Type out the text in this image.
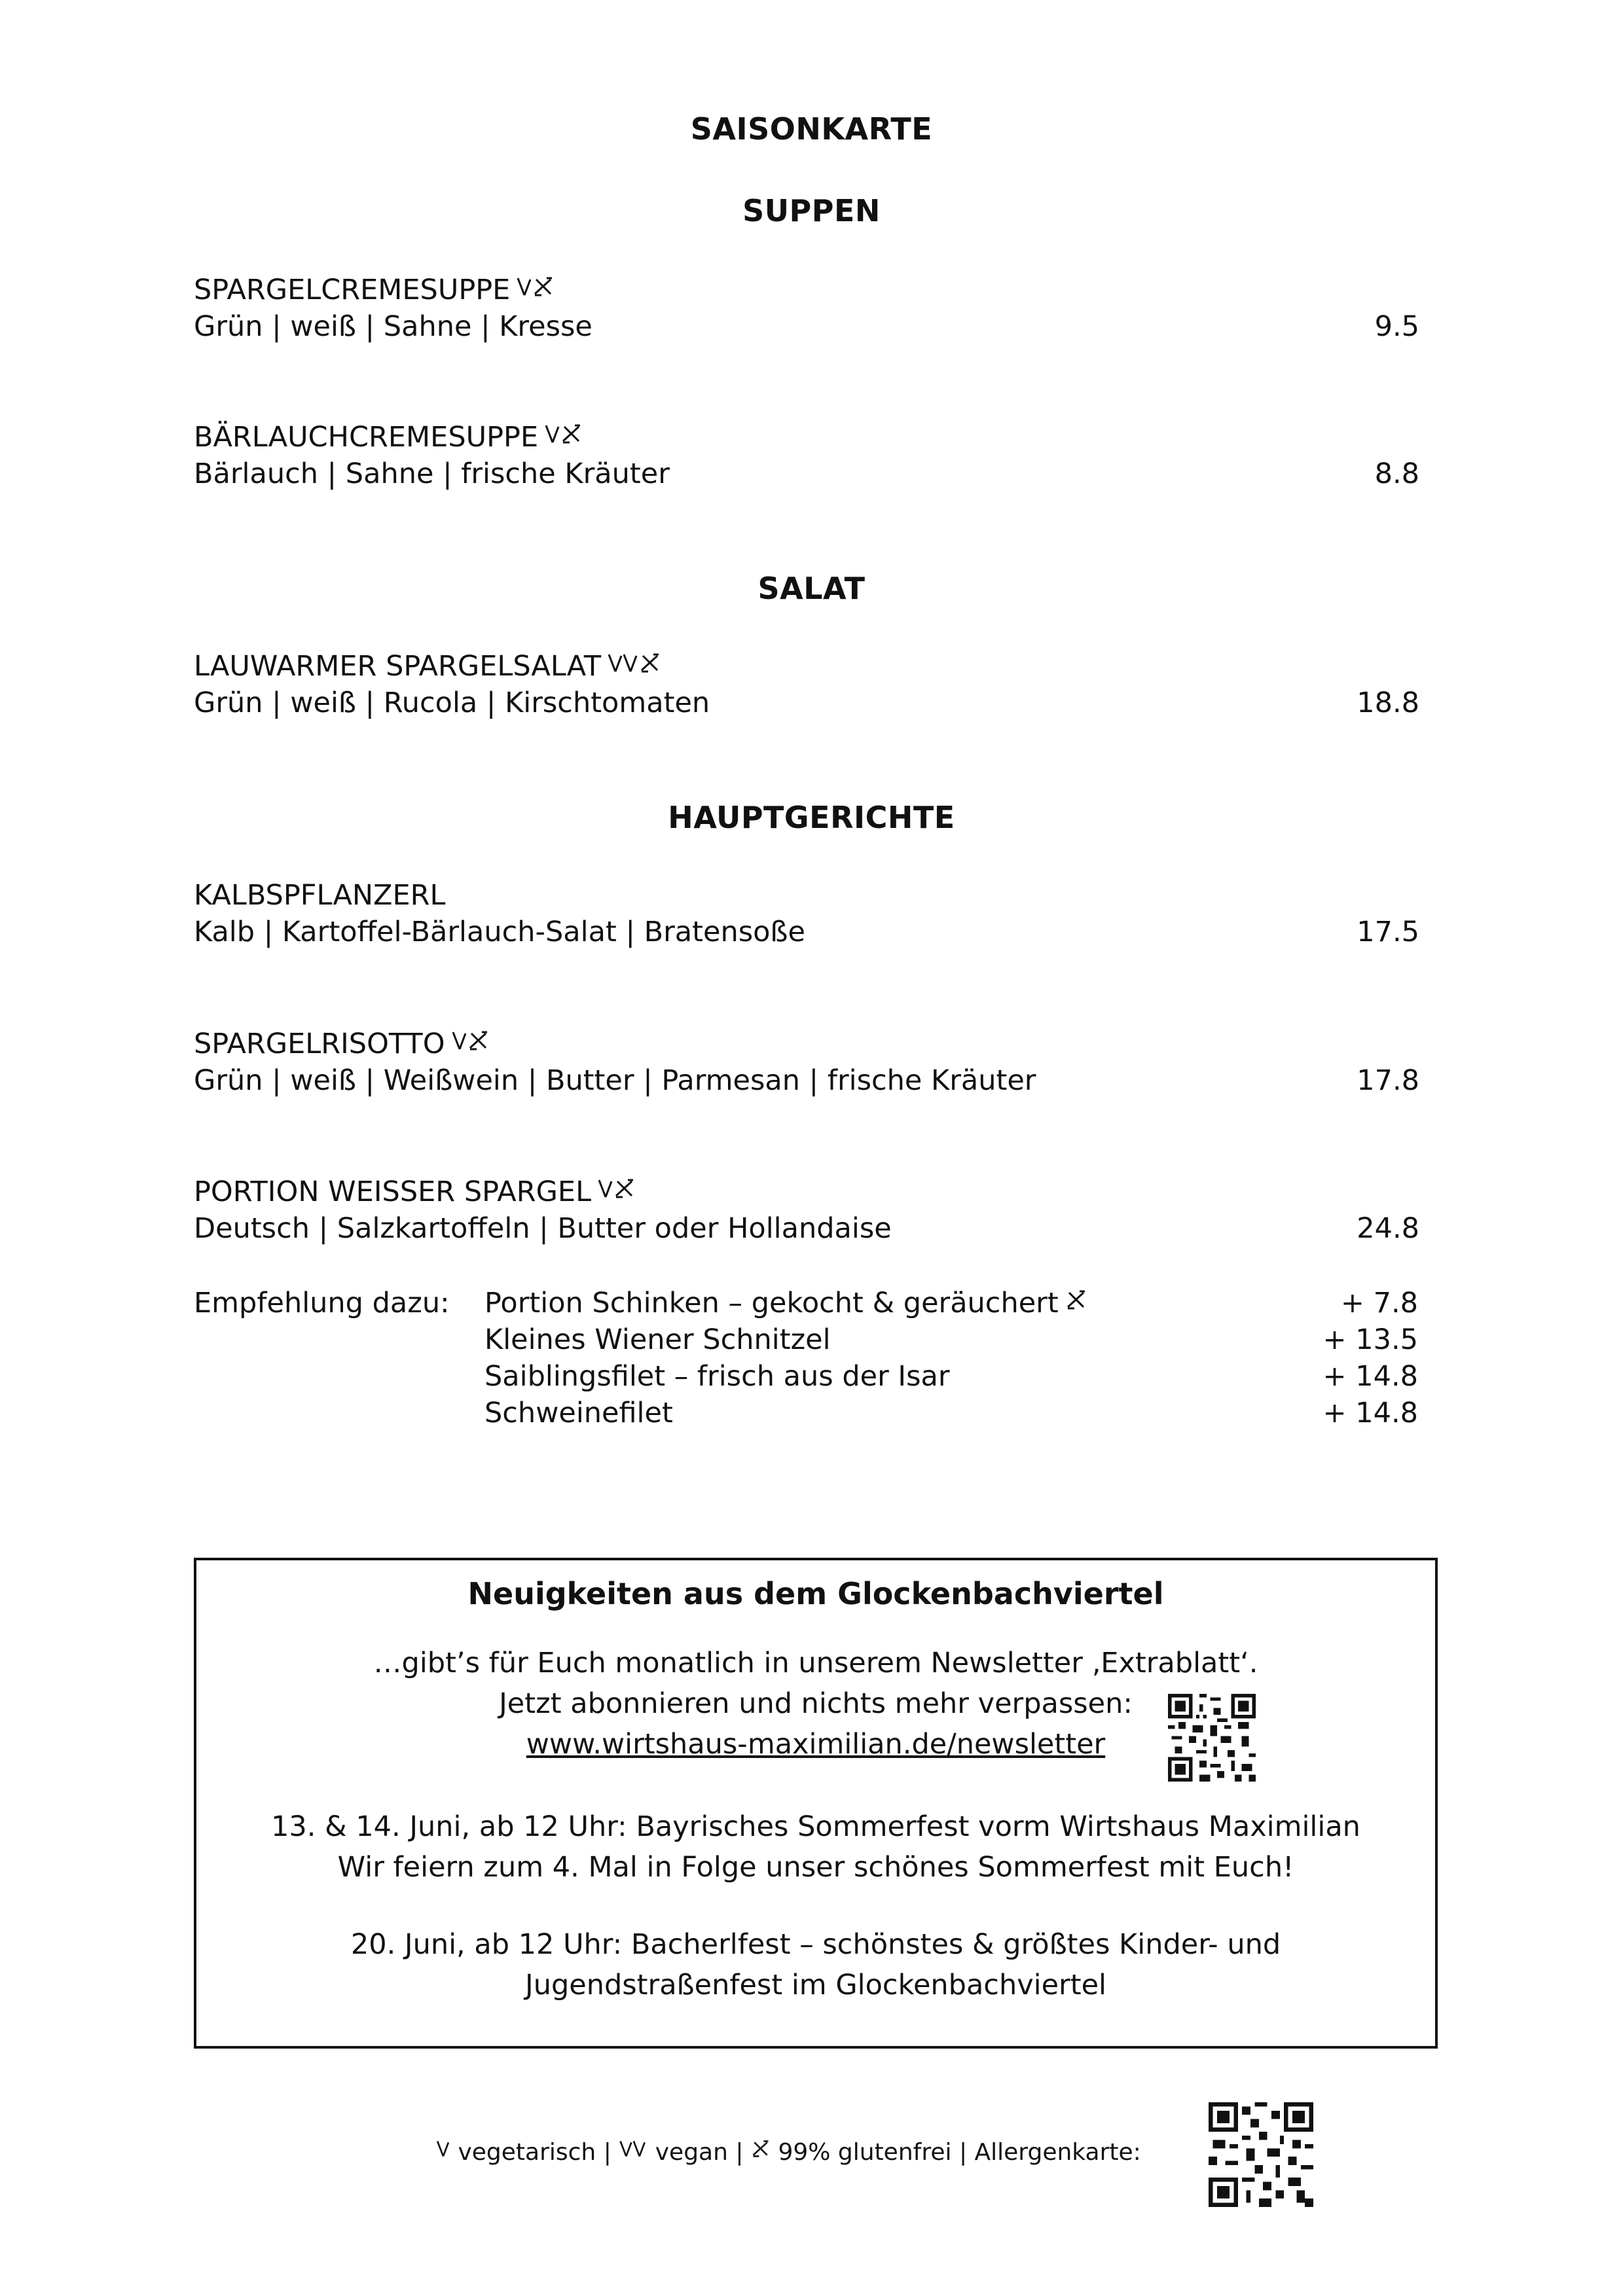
SAISONKARTE
SUPPEN
SPARGELCREMESUPPE
Grün | weiß | Sahne | Kresse	9.5
BÄRLAUCHCREMESUPPE
Bärlauch | Sahne | frische Kräuter	8.8
SALAT
LAUWARMER SPARGELSALAT
Grün | weiß | Rucola | Kirschtomaten	18.8
HAUPTGERICHTE
KALBSPFLANZERL
Kalb | Kartoffel-Bärlauch-Salat | Bratensoße	17.5
SPARGELRISOTTO
Grün | weiß | Weißwein | Butter | Parmesan | frische Kräuter	17.8
PORTION WEISSER SPARGEL
Deutsch | Salzkartoffeln | Butter oder Hollandaise	24.8
Empfehlung dazu: Portion Schinken – gekocht & geräuchert	+ 7.8
Kleines Wiener Schnitzel	+ 13.5
Saiblingsfilet – frisch aus der Isar	+ 14.8
Schweinefilet	+ 14.8
Neuigkeiten aus dem Glockenbachviertel
…gibt’s für Euch monatlich in unserem Newsletter ‚Extrablatt‘.
Jetzt abonnieren und nichts mehr verpassen:
www.wirtshaus-maximilian.de/newsletter
13. & 14. Juni, ab 12 Uhr: Bayrisches Sommerfest vorm Wirtshaus Maximilian
Wir feiern zum 4. Mal in Folge unser schönes Sommerfest mit Euch!
20. Juni, ab 12 Uhr: Bacherlfest – schönstes & größtes Kinder- und
Jugendstraßenfest im Glockenbachviertel
vegetarisch | vegan | 99% glutenfrei | Allergenkarte:
